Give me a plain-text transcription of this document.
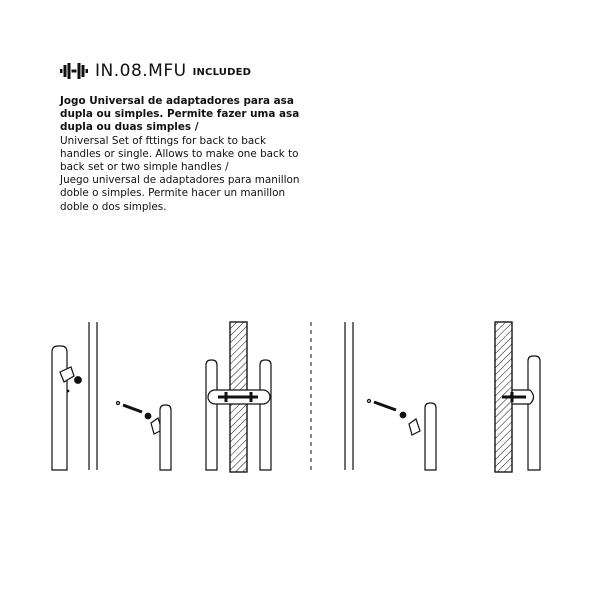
IN.08.MFU INCLUDED

Jogo Universal de adaptadores para asa dupla ou simples. Permite fazer uma asa dupla ou duas simples /

Universal Set of fttings for back to back handles or single. Allows to make one back to back set or two simple handles /

Juego universal de adaptadores para manillon doble o simples. Permite hacer un manillon doble o dos simples.
